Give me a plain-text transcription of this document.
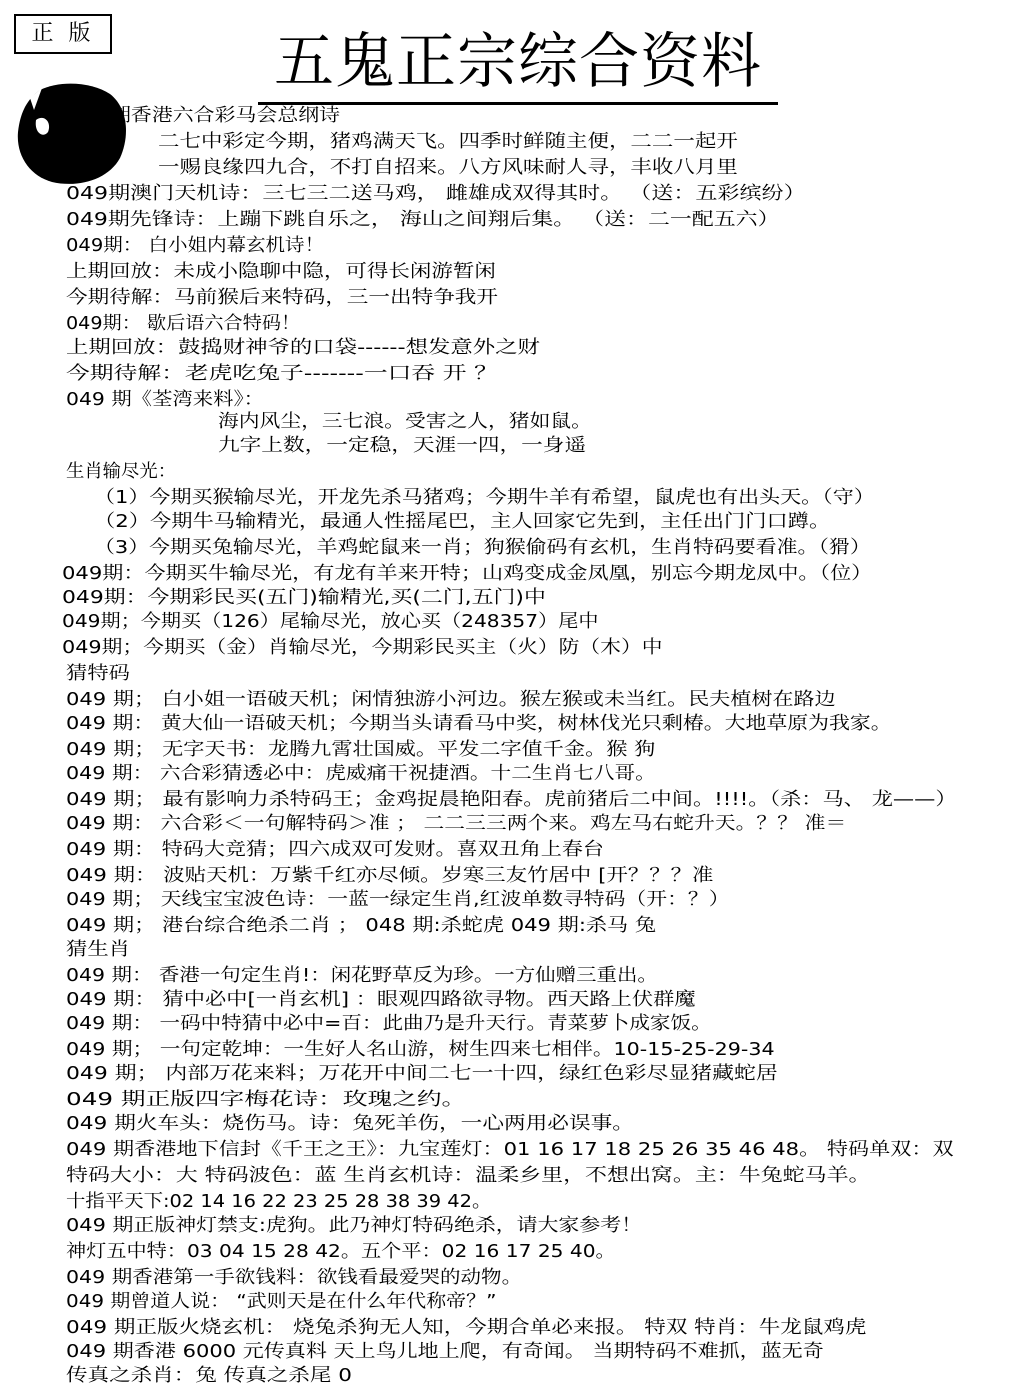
正 版	五鬼正宗综合资料
期香港六合彩马会总纲诗
二七中彩定今期，猪鸡满天飞。四季时鲜随主便，二二一起开
一赐良缘四九合，不打自招来。八方风味耐人寻，丰收八月里
049期澳门天机诗：三七三二送马鸡， 雌雄成双得其时。 （送：五彩缤纷）
049期先锋诗：上蹦下跳自乐之， 海山之间翔后集。 （送：二一配五六）
049期： 白小姐内幕玄机诗！
上期回放：未成小隐聊中隐，可得长闲游暂闲
今期待解：马前猴后来特码，三一出特争我开
049期： 歇后语六合特码！
上期回放：鼓捣财神爷的口袋------想发意外之财
今期待解：老虎吃兔子-------一口吞 开 ？
049 期《荃湾来料》：
海内风尘，三七浪。受害之人，猪如鼠。
九字上数，一定稳，天涯一四，一身遥
生肖输尽光：
（1）今期买猴输尽光，开龙先杀马猪鸡；今期牛羊有希望，鼠虎也有出头天。（守）
（2）今期牛马输精光，最通人性摇尾巴，主人回家它先到，主任出门门口蹲。
（3）今期买兔输尽光，羊鸡蛇鼠来一肖；狗猴偷码有玄机，生肖特码要看准。（猾）
049期：今期买牛输尽光，有龙有羊来开特；山鸡变成金凤凰，别忘今期龙凤中。（位）
049期：今期彩民买(五门)输精光,买(二门,五门)中
049期；今期买（126）尾输尽光，放心买（248357）尾中
049期；今期买（金）肖输尽光，今期彩民买主（火）防（木）中
猜特码
049 期； 白小姐一语破天机；闲情独游小河边。猴左猴或未当红。民夫植树在路边
049 期： 黄大仙一语破天机；今期当头请看马中奖，树林伐光只剩椿。大地草原为我家。
049 期； 无字天书：龙腾九霄壮国威。平发二字值千金。猴 狗
049 期： 六合彩猜透必中：虎威痛干祝捷酒。十二生肖七八哥。
049 期； 最有影响力杀特码王；金鸡捉晨艳阳春。虎前猪后二中间。!!!!。（杀：马、 龙——）
049 期： 六合彩＜一句解特码＞准 ； 二二三三两个来。鸡左马右蛇升天。？？ 准＝
049 期： 特码大竞猜；四六成双可发财。喜双丑角上春台
049 期： 波贴天机：万紫千红亦尽倾。岁寒三友竹居中 [开？？？准
049 期； 天线宝宝波色诗：一蓝一绿定生肖,红波单数寻特码（开：？）
049 期； 港台综合绝杀二肖 ； 048 期:杀蛇虎 049 期:杀马 兔
猜生肖
049 期： 香港一句定生肖!：闲花野草反为珍。一方仙赠三重出。
049 期： 猜中必中[一肖玄机] ：眼观四路欲寻物。西天路上伏群魔
049 期： 一码中特猜中必中=百：此曲乃是升天行。青菜萝卜成家饭。
049 期； 一句定乾坤：一生好人名山游，树生四来七相伴。10-15-25-29-34
049 期； 内部万花来料；万花开中间二七一十四，绿红色彩尽显猪藏蛇居
049 期正版四字梅花诗：玫瑰之约。
049 期火车头：烧伤马。诗：兔死羊伤，一心两用必误事。
049 期香港地下信封《千王之王》：九宝莲灯：01 16 17 18 25 26 35 46 48。 特码单双：双
特码大小：大 特码波色：蓝 生肖玄机诗：温柔乡里，不想出窝。主：牛兔蛇马羊。
十指平天下:02 14 16 22 23 25 28 38 39 42。
049 期正版神灯禁支:虎狗。此乃神灯特码绝杀，请大家参考！
神灯五中特：03 04 15 28 42。五个平：02 16 17 25 40。
049 期香港第一手欲钱料：欲钱看最爱哭的动物。
049 期曾道人说： “武则天是在什么年代称帝？”
049 期正版火烧玄机： 烧兔杀狗无人知，今期合单必来报。 特双 特肖：牛龙鼠鸡虎
049 期香港 6000 元传真料 天上鸟儿地上爬，有奇闻。 当期特码不难抓，蓝无奇
传真之杀肖：兔 传真之杀尾 0
